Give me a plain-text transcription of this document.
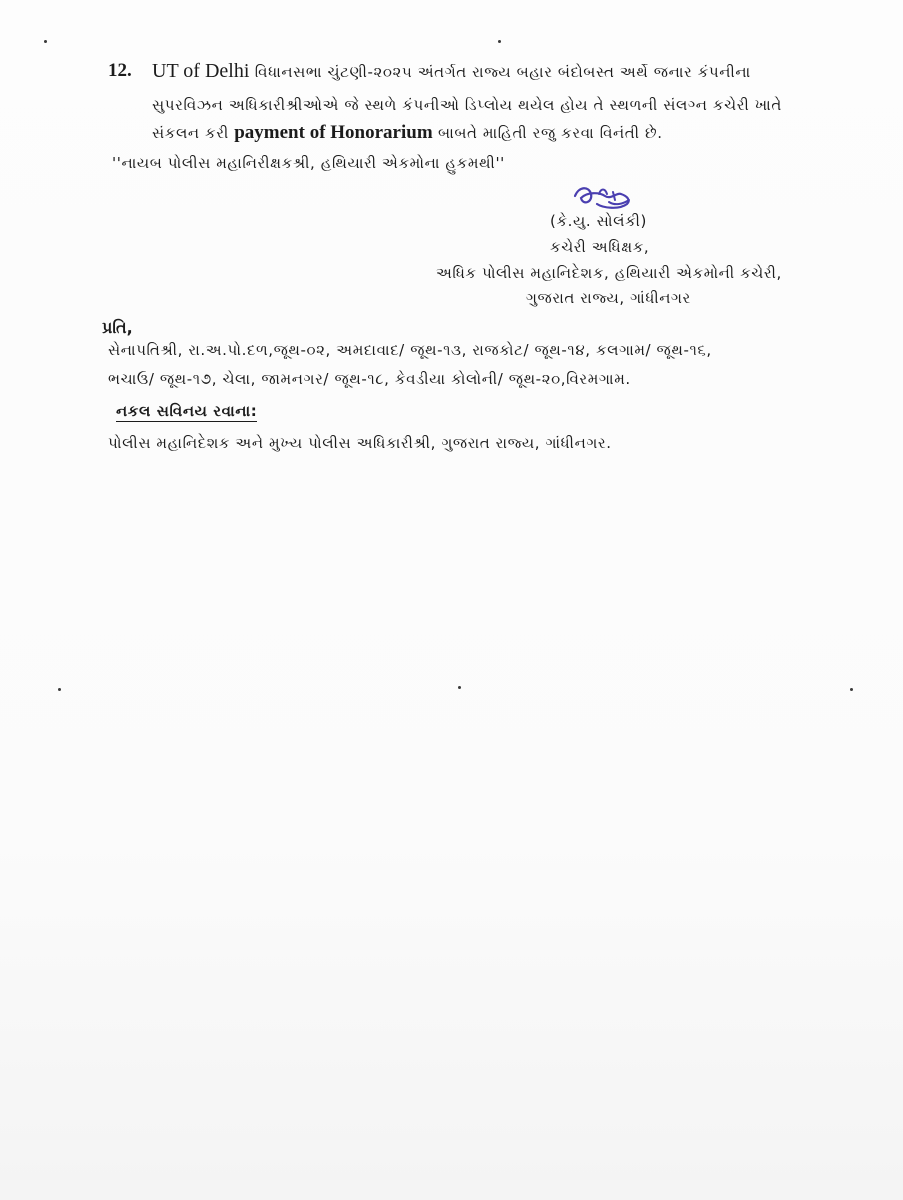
12. UT of Delhi વિધાનસભા ચુંટણી-૨૦૨૫ અંતર્ગત રાજ્ય બહાર બંદોબસ્ત અર્થે જનાર કંપનીના
સુપરવિઝન અધિકારીશ્રીઓએ જે સ્થળે કંપનીઓ ડિપ્લોય થયેલ હોય તે સ્થળની સંલગ્ન કચેરી ખાતે
સંકલન કરી payment of Honorarium બાબતે માહિતી રજુ કરવા વિનંતી છે.
''નાયબ પોલીસ મહાનિરીક્ષકશ્રી, હથિયારી એકમોના હુકમથી''
(કે.યુ. સોલંકી)
કચેરી અધિક્ષક,
અધિક પોલીસ મહાનિદેશક, હથિયારી એકમોની કચેરી,
ગુજરાત રાજ્ય, ગાંધીનગર
પ્રતિ,
સેનાપતિશ્રી, રા.અ.પો.દળ,જૂથ-૦૨, અમદાવાદ/ જૂથ-૧૩, રાજકોટ/ જૂથ-૧૪, કલગામ/ જૂથ-૧૬,
ભચાઉ/ જૂથ-૧૭, ચેલા, જામનગર/ જૂથ-૧૮, કેવડીયા કોલોની/ જૂથ-૨૦,વિરમગામ.
નકલ સવિનય રવાના:
પોલીસ મહાનિદેશક અને મુખ્ય પોલીસ અધિકારીશ્રી, ગુજરાત રાજ્ય, ગાંધીનગર.
